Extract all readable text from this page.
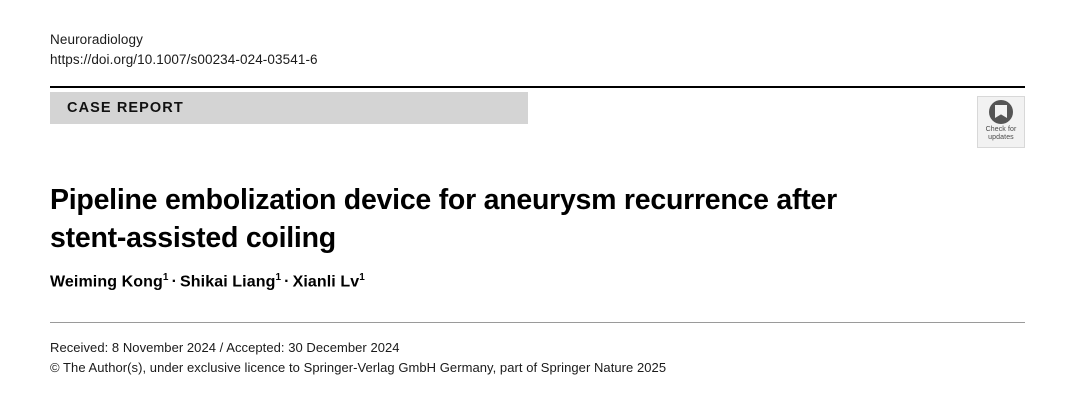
Neuroradiology
https://doi.org/10.1007/s00234-024-03541-6
CASE REPORT
Check for
updates
Pipeline embolization device for aneurysm recurrence after stent-assisted coiling
Weiming Kong$^1$ · Shikai Liang$^1$ · Xianli Lv$^1$
Received: 8 November 2024 / Accepted: 30 December 2024
© The Author(s), under exclusive licence to Springer-Verlag GmbH Germany, part of Springer Nature 2025
